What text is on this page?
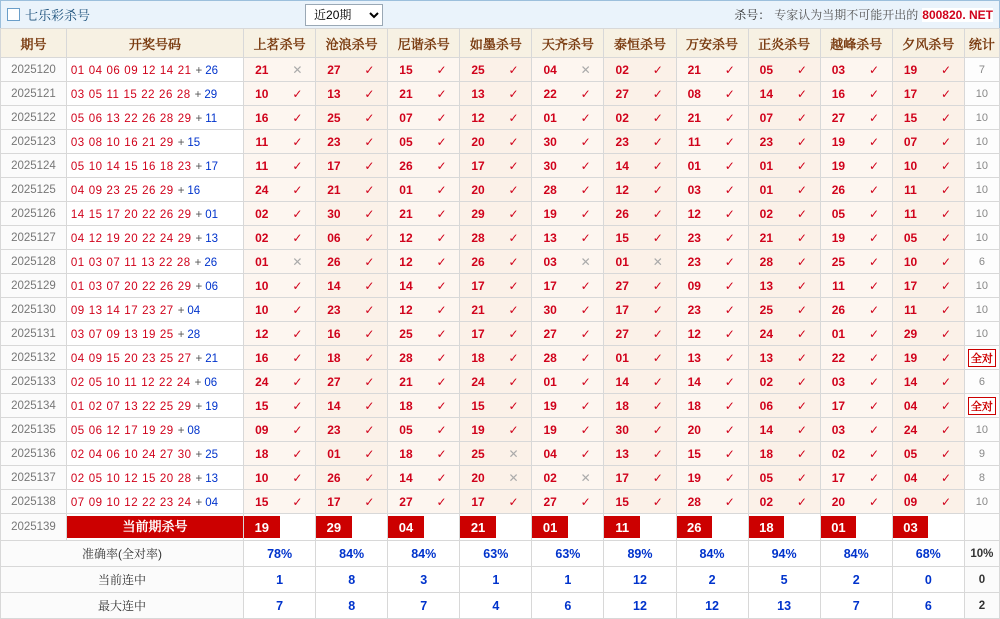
七乐彩杀号
近20期	杀号： 专家认为当期不可能开出的 800820. NET
期号	开奖号码	上茗杀号	沧浪杀号	尼谐杀号	如墨杀号	天齐杀号	泰恒杀号	万安杀号	正炎杀号	越峰杀号	夕风杀号	统计
2025120	01 04 06 09 12 14 21 + 26	21	✕	27	✓	15	✓	25	✓	04	✕	02	✓	21	✓	05	✓	03	✓	19	✓	7
2025121	03 05 11 15 22 26 28 + 29	10	✓	13	✓	21	✓	13	✓	22	✓	27	✓	08	✓	14	✓	16	✓	17	✓	10
2025122	05 06 13 22 26 28 29 + 11	16	✓	25	✓	07	✓	12	✓	01	✓	02	✓	21	✓	07	✓	27	✓	15	✓	10
2025123	03 08 10 16 21 29 + 15	11	✓	23	✓	05	✓	20	✓	30	✓	23	✓	11	✓	23	✓	19	✓	07	✓	10
2025124	05 10 14 15 16 18 23 + 17	11	✓	17	✓	26	✓	17	✓	30	✓	14	✓	01	✓	01	✓	19	✓	10	✓	10
2025125	04 09 23 25 26 29 + 16	24	✓	21	✓	01	✓	20	✓	28	✓	12	✓	03	✓	01	✓	26	✓	11	✓	10
2025126	14 15 17 20 22 26 29 + 01	02	✓	30	✓	21	✓	29	✓	19	✓	26	✓	12	✓	02	✓	05	✓	11	✓	10
2025127	04 12 19 20 22 24 29 + 13	02	✓	06	✓	12	✓	28	✓	13	✓	15	✓	23	✓	21	✓	19	✓	05	✓	10
2025128	01 03 07 11 13 22 28 + 26	01	✕	26	✓	12	✓	26	✓	03	✕	01	✕	23	✓	28	✓	25	✓	10	✓	6
2025129	01 03 07 20 22 26 29 + 06	10	✓	14	✓	14	✓	17	✓	17	✓	27	✓	09	✓	13	✓	11	✓	17	✓	10
2025130	09 13 14 17 23 27 + 04	10	✓	23	✓	12	✓	21	✓	30	✓	17	✓	23	✓	25	✓	26	✓	11	✓	10
2025131	03 07 09 13 19 25 + 28	12	✓	16	✓	25	✓	17	✓	27	✓	27	✓	12	✓	24	✓	01	✓	29	✓	10
2025132	04 09 15 20 23 25 27 + 21	16	✓	18	✓	28	✓	18	✓	28	✓	01	✓	13	✓	13	✓	22	✓	19	✓	全对
2025133	02 05 10 11 12 22 24 + 06	24	✓	27	✓	21	✓	24	✓	01	✓	14	✓	14	✓	02	✓	03	✓	14	✓	6
2025134	01 02 07 13 22 25 29 + 19	15	✓	14	✓	18	✓	15	✓	19	✓	18	✓	18	✓	06	✓	17	✓	04	✓	全对
2025135	05 06 12 17 19 29 + 08	09	✓	23	✓	05	✓	19	✓	19	✓	30	✓	20	✓	14	✓	03	✓	24	✓	10
2025136	02 04 06 10 24 27 30 + 25	18	✓	01	✓	18	✓	25	✕	04	✓	13	✓	15	✓	18	✓	02	✓	05	✓	9
2025137	02 05 10 12 15 20 28 + 13	10	✓	26	✓	14	✓	20	✕	02	✕	17	✓	19	✓	05	✓	17	✓	04	✓	8
2025138	07 09 10 12 22 23 24 + 04	15	✓	17	✓	27	✓	17	✓	27	✓	15	✓	28	✓	02	✓	20	✓	09	✓	10
2025139	当前期杀号	19	29	04	21	01	11	26	18	01	03	

准确率(全对率)		78%	84%	84%	63%	63%	89%	84%	94%	84%	68%	10%
当前连中		1	8	3	1	1	12	2	5	2	0	0
最大连中		7	8	7	4	6	12	12	13	7	6	2
